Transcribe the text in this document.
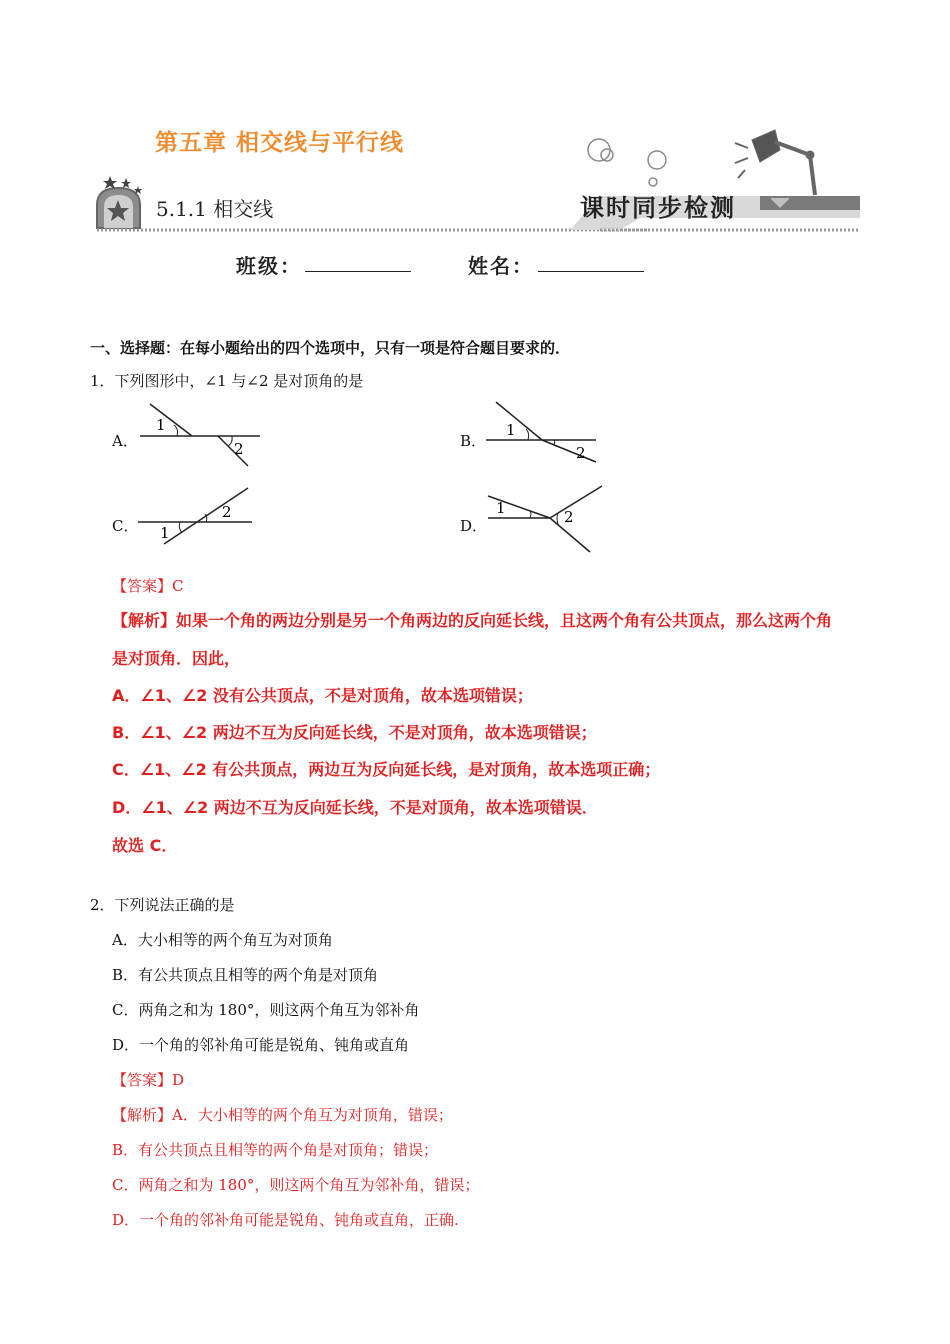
第五章 相交线与平行线
5.1.1 相交线	课时同步检测
班级：	姓名：
一、选择题：在每小题给出的四个选项中，只有一项是符合题目要求的．
1．下列图形中，∠1 与∠2 是对顶角的是
A．	B．
C．	D．
1
2
1
2
1
2	1	2
【答案】C
【解析】如果一个角的两边分别是另一个角两边的反向延长线，且这两个角有公共顶点，那么这两个角
是对顶角．因此，
A．∠1、∠2 没有公共顶点，不是对顶角，故本选项错误；
B．∠1、∠2 两边不互为反向延长线，不是对顶角，故本选项错误；
C．∠1、∠2 有公共顶点，两边互为反向延长线，是对顶角，故本选项正确；
D．∠1、∠2 两边不互为反向延长线，不是对顶角，故本选项错误．
故选 C．
2．下列说法正确的是
A．大小相等的两个角互为对顶角
B．有公共顶点且相等的两个角是对顶角
C．两角之和为 180°，则这两个角互为邻补角
D．一个角的邻补角可能是锐角、钝角或直角
【答案】D
【解析】A．大小相等的两个角互为对顶角，错误；
B．有公共顶点且相等的两个角是对顶角；错误；
C．两角之和为 180°，则这两个角互为邻补角，错误；
D．一个角的邻补角可能是锐角、钝角或直角，正确.
